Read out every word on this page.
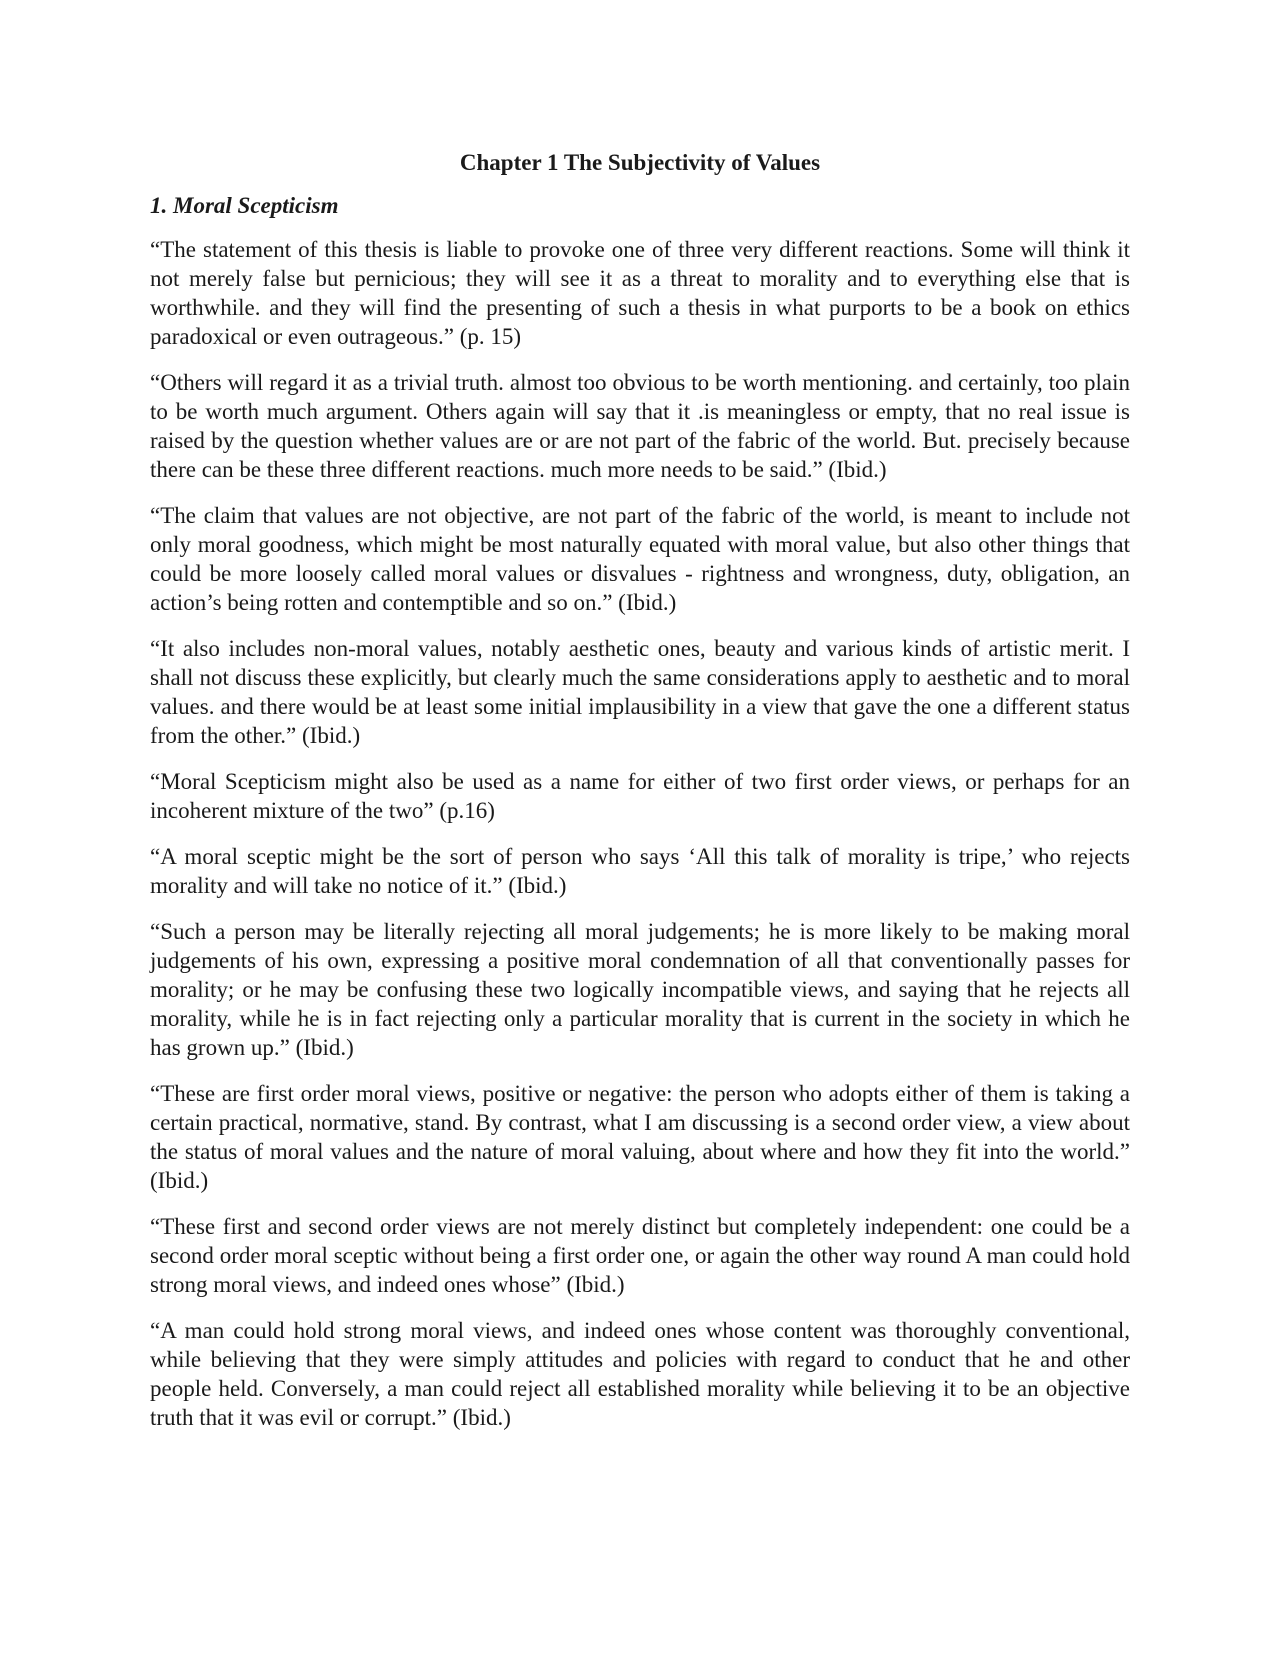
Chapter 1 The Subjectivity of Values
1. Moral Scepticism

“The statement of this thesis is liable to provoke one of three very different reactions. Some will think it not merely false but pernicious; they will see it as a threat to morality and to everything else that is worthwhile. and they will find the presenting of such a thesis in what purports to be a book on ethics paradoxical or even outrageous.” (p. 15)

“Others will regard it as a trivial truth. almost too obvious to be worth mentioning. and certainly, too plain to be worth much argument. Others again will say that it .is meaningless or empty, that no real issue is raised by the question whether values are or are not part of the fabric of the world. But. precisely because there can be these three different reactions. much more needs to be said.” (Ibid.)

“The claim that values are not objective, are not part of the fabric of the world, is meant to include not only moral goodness, which might be most naturally equated with moral value, but also other things that could be more loosely called moral values or disvalues - rightness and wrongness, duty, obligation, an action’s being rotten and contemptible and so on.” (Ibid.)

“It also includes non-moral values, notably aesthetic ones, beauty and various kinds of artistic merit. I shall not discuss these explicitly, but clearly much the same considerations apply to aesthetic and to moral values. and there would be at least some initial implausibility in a view that gave the one a different status from the other.” (Ibid.)

“Moral Scepticism might also be used as a name for either of two first order views, or perhaps for an incoherent mixture of the two” (p.16)

“A moral sceptic might be the sort of person who says ‘All this talk of morality is tripe,’ who rejects morality and will take no notice of it.” (Ibid.)

“Such a person may be literally rejecting all moral judgements; he is more likely to be making moral judgements of his own, expressing a positive moral condemnation of all that conventionally passes for morality; or he may be confusing these two logically incompatible views, and saying that he rejects all morality, while he is in fact rejecting only a particular morality that is current in the society in which he has grown up.” (Ibid.)

“These are first order moral views, positive or negative: the person who adopts either of them is taking a certain practical, normative, stand. By contrast, what I am discussing is a second order view, a view about the status of moral values and the nature of moral valuing, about where and how they fit into the world.” (Ibid.)

“These first and second order views are not merely distinct but completely independent: one could be a second order moral sceptic without being a first order one, or again the other way round A man could hold strong moral views, and indeed ones whose” (Ibid.)

“A man could hold strong moral views, and indeed ones whose content was thoroughly conventional, while believing that they were simply attitudes and policies with regard to conduct that he and other people held. Conversely, a man could reject all established morality while believing it to be an objective truth that it was evil or corrupt.” (Ibid.)
